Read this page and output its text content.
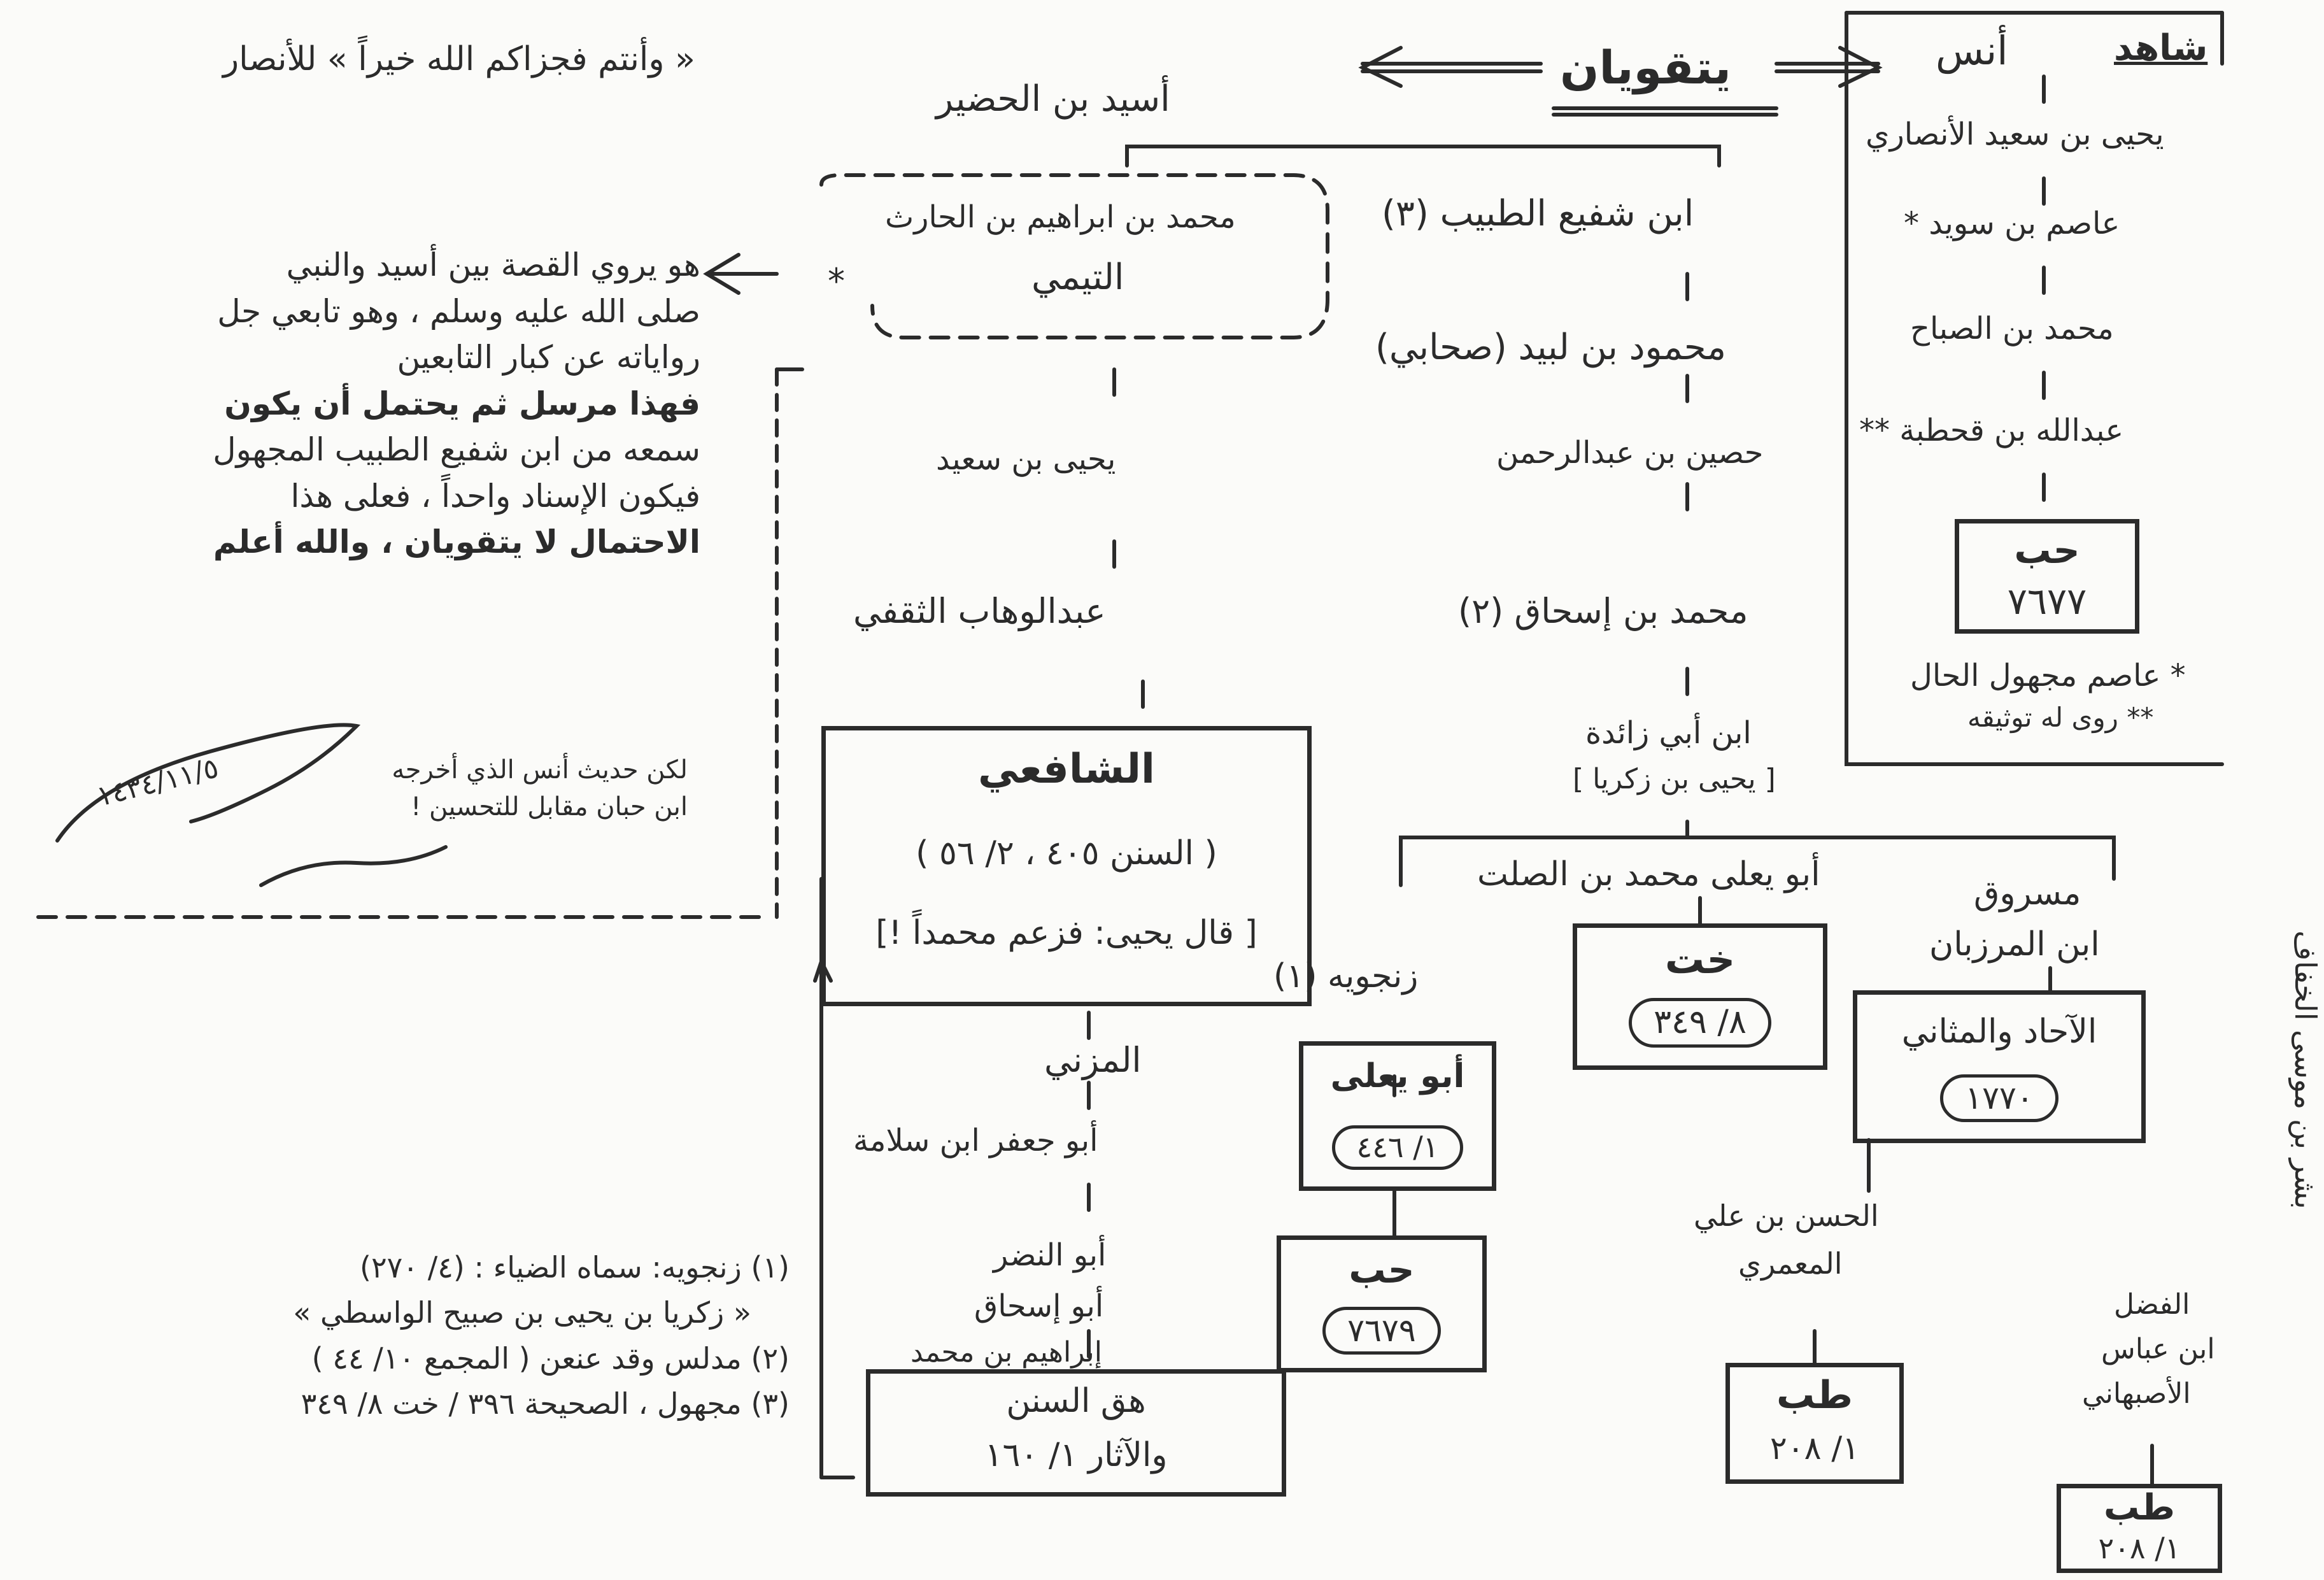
« وأنتم فجزاكم الله خيراً » للأنصار
أسيد بن الحضير
يتقويان	أنس	شاهد
يحيى بن سعيد الأنصاري
عاصم بن سويد *
محمد بن الصباح
عبدالله بن قحطبة **
حب
٧٦٧٧
* عاصم مجهول الحال
** روى له توثيقه
ابن شفيع الطبيب (٣)
محمود بن لبيد (صحابي)
حصين بن عبدالرحمن
محمد بن إسحاق (٢)
ابن أبي زائدة
[ يحيى بن زكريا ]
*
محمد بن ابراهيم بن الحارث
التيمي
يحيى بن سعيد
عبدالوهاب الثقفي
الشافعي
( السنن ٤٠٥ ، ٢/ ٥٦ )
[ قال يحيى: فزعم محمداً !]
المزني
أبو جعفر ابن سلامة
أبو النضر
أبو إسحاق
إبراهيم بن محمد
هق السنن
والآثار ١/ ١٦٠
زنجويه (١)
أبو يعلى
١/ ٤٤٦
حب
٧٦٧٩
أبو يعلى محمد بن الصلت
خت
٨/ ٣٤٩
مسروق
ابن المرزبان
الآحاد والمثاني
١٧٧٠	بشر بن موسى الخفاف
الحسن بن علي
المعمري
طب
١/ ٢٠٨
الفضل
ابن عباس
الأصبهاني
طب
١/ ٢٠٨
هو يروي القصة بين أسيد والنبي
صلى الله عليه وسلم ، وهو تابعي جل
رواياته عن كبار التابعين
فهذا مرسل ثم يحتمل أن يكون
سمعه من ابن شفيع الطبيب المجهول
فيكون الإسناد واحداً ، فعلى هذا
الاحتمال لا يتقويان ، والله أعلم
١٤٣٤/١١/٥	لكن حديث أنس الذي أخرجه
ابن حبان مقابل للتحسين !
(١) زنجويه: سماه الضياء : (٤/ ٢٧٠)
« زكريا بن يحيى بن صبيح الواسطي »
(٢) مدلس وقد عنعن ( المجمع ١٠/ ٤٤ )
(٣) مجهول ، الصحيحة ٣٩٦ / خت ٨/ ٣٤٩
